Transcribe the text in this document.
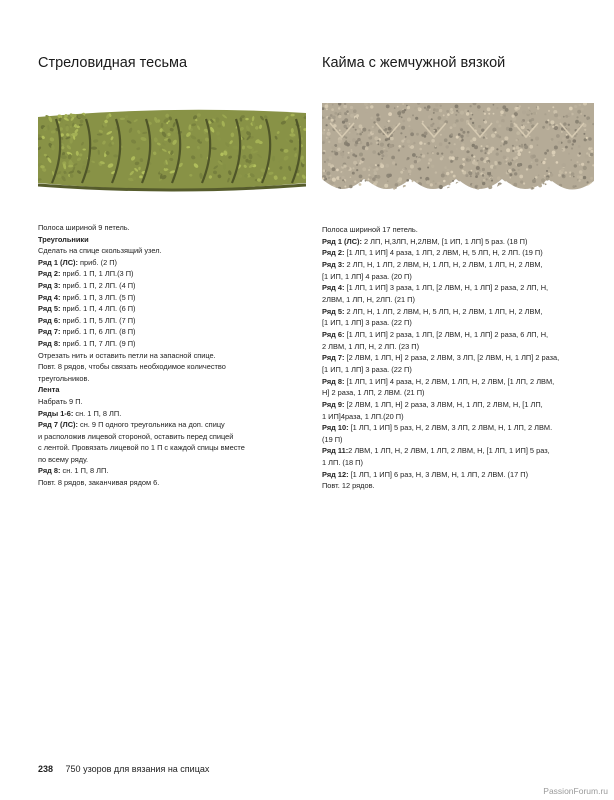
Стреловидная тесьма

Полоса шириной 9 петель.

Треугольники

Сделать на спице скользящий узел.

Ряд 1 (ЛС): приб. (2 П)

Ряд 2: приб. 1 П, 1 ЛП.(3 П)

Ряд 3: приб. 1 П, 2 ЛП. (4 П)

Ряд 4: приб. 1 П, 3 ЛП. (5 П)

Ряд 5: приб. 1 П, 4 ЛП. (6 П)

Ряд 6: приб. 1 П, 5 ЛП. (7 П)

Ряд 7: приб. 1 П, 6 ЛП. (8 П)

Ряд 8: приб. 1 П, 7 ЛП. (9 П)

Отрезать нить и оставить петли на запасной спице.

Повт. 8 рядов, чтобы связать необходимое количество

треугольников.

Лента

Набрать 9 П.

Ряды 1-6: сн. 1 П, 8 ЛП.

Ряд 7 (ЛС): сн. 9 П одного треугольника на доп. спицу

и расположив лицевой стороной, оставить перед спицей

с лентой. Провязать лицевой по 1 П с каждой спицы вместе

по всему ряду.

Ряд 8: сн. 1 П, 8 ЛП.

Повт. 8 рядов, заканчивая рядом 6.

Кайма с жемчужной вязкой

Полоса шириной 17 петель.

Ряд 1 (ЛС): 2 ЛП, Н,3ЛП, Н,2ЛВМ, [1 ИП, 1 ЛП] 5 раз. (18 П)

Ряд 2: [1 ЛП, 1 ИП] 4 раза, 1 ЛП, 2 ЛВМ, Н, 5 ЛП, Н, 2 ЛП. (19 П)

Ряд 3: 2 ЛП, Н, 1 ЛП, 2 ЛВМ, Н, 1 ЛП, Н, 2 ЛВМ, 1 ЛП, Н, 2 ЛВМ,

[1 ИП, 1 ЛП] 4 раза. (20 П)

Ряд 4: [1 ЛП, 1 ИП] 3 раза, 1 ЛП, [2 ЛВМ, Н, 1 ЛП] 2 раза, 2 ЛП, Н,

2ЛВМ, 1 ЛП, Н, 2ЛП. (21 П)

Ряд 5: 2 ЛП, Н, 1 ЛП, 2 ЛВМ, Н, 5 ЛП, Н, 2 ЛВМ, 1 ЛП, Н, 2 ЛВМ,

[1 ИП, 1 ЛП] 3 раза. (22 П)

Ряд 6: [1 ЛП, 1 ИП] 2 раза, 1 ЛП, [2 ЛВМ, Н, 1 ЛП] 2 раза, 6 ЛП, Н,

2 ЛВМ, 1 ЛП, Н, 2 ЛП. (23 П)

Ряд 7: [2 ЛВМ, 1 ЛП, Н] 2 раза, 2 ЛВМ, 3 ЛП, [2 ЛВМ, Н, 1 ЛП] 2 раза,

[1 ИП, 1 ЛП] 3 раза. (22 П)

Ряд 8: [1 ЛП, 1 ИП] 4 раза, Н, 2 ЛВМ, 1 ЛП, Н, 2 ЛВМ, [1 ЛП, 2 ЛВМ,

Н] 2 раза, 1 ЛП, 2 ЛВМ. (21 П)

Ряд 9: [2 ЛВМ, 1 ЛП, Н] 2 раза, 3 ЛВМ, Н, 1 ЛП, 2 ЛВМ, Н, [1 ЛП,

1 ИП]4раза, 1 ЛП.(20 П)

Ряд 10: [1 ЛП, 1 ИП] 5 раз, Н, 2 ЛВМ, 3 ЛП, 2 ЛВМ, Н, 1 ЛП, 2 ЛВМ.

(19 П)

Ряд 11:2 ЛВМ, 1 ЛП, Н, 2 ЛВМ, 1 ЛП, 2 ЛВМ, Н, [1 ЛП, 1 ИП] 5 раз,

1 ЛП. (18 П)

Ряд 12: [1 ЛП, 1 ИП] 6 раз, Н, 3 ЛВМ, Н, 1 ЛП, 2 ЛВМ. (17 П)

Повт. 12 рядов.

238 750 узоров для вязания на спицах
PassionForum.ru
